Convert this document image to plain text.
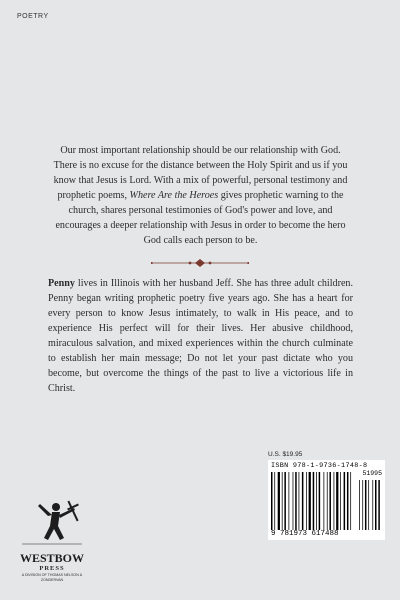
POETRY

Our most important relationship should be our relationship with God. There is no excuse for the distance between the Holy Spirit and us if you know that Jesus is Lord. With a mix of powerful, personal testimony and prophetic poems, Where Are the Heroes gives prophetic warning to the church, shares personal testimonies of God's power and love, and encourages a deeper relationship with Jesus in order to become the hero God calls each person to be.

Penny lives in Illinois with her husband Jeff. She has three adult children. Penny began writing prophetic poetry five years ago. She has a heart for every person to know Jesus intimately, to walk in His peace, and to experience His perfect will for their lives. Her abusive childhood, miraculous salvation, and mixed experiences within the church culminate to establish her main message; Do not let your past dictate who you become, but overcome the things of the past to live a victorious life in Christ.

U.S. $19.95
ISBN 978-1-9736-1748-8
9 781973 617488
51995
WESTBOW
PRESS
A DIVISION OF THOMAS NELSON & ZONDERVAN
